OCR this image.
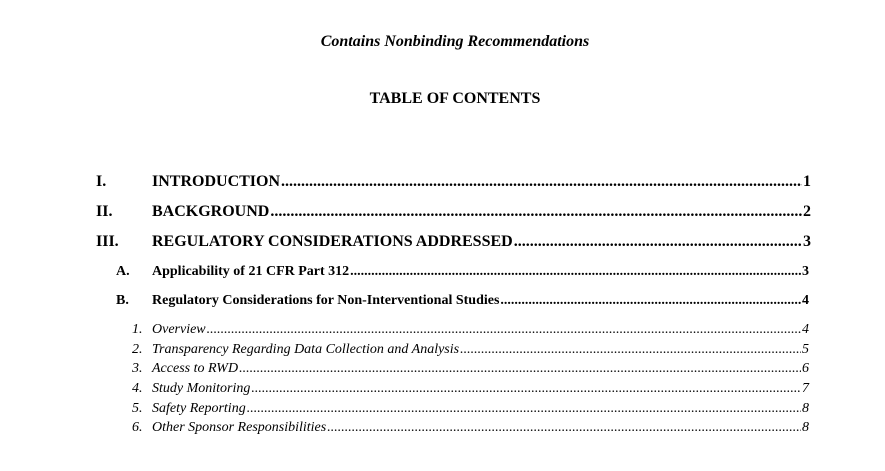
Contains Nonbinding Recommendations
TABLE OF CONTENTS
I.	INTRODUCTION .....	1
II. BACKGROUND .....	2
III. REGULATORY CONSIDERATIONS ADDRESSED .....	3
A. Applicability of 21 CFR Part 312 .....	3
B. Regulatory Considerations for Non-Interventional Studies .....	4
1. Overview .....	4
2. Transparency Regarding Data Collection and Analysis .....	5
3. Access to RWD .....	6
4. Study Monitoring .....	7
5. Safety Reporting .....	8
6. Other Sponsor Responsibilities .....	8
